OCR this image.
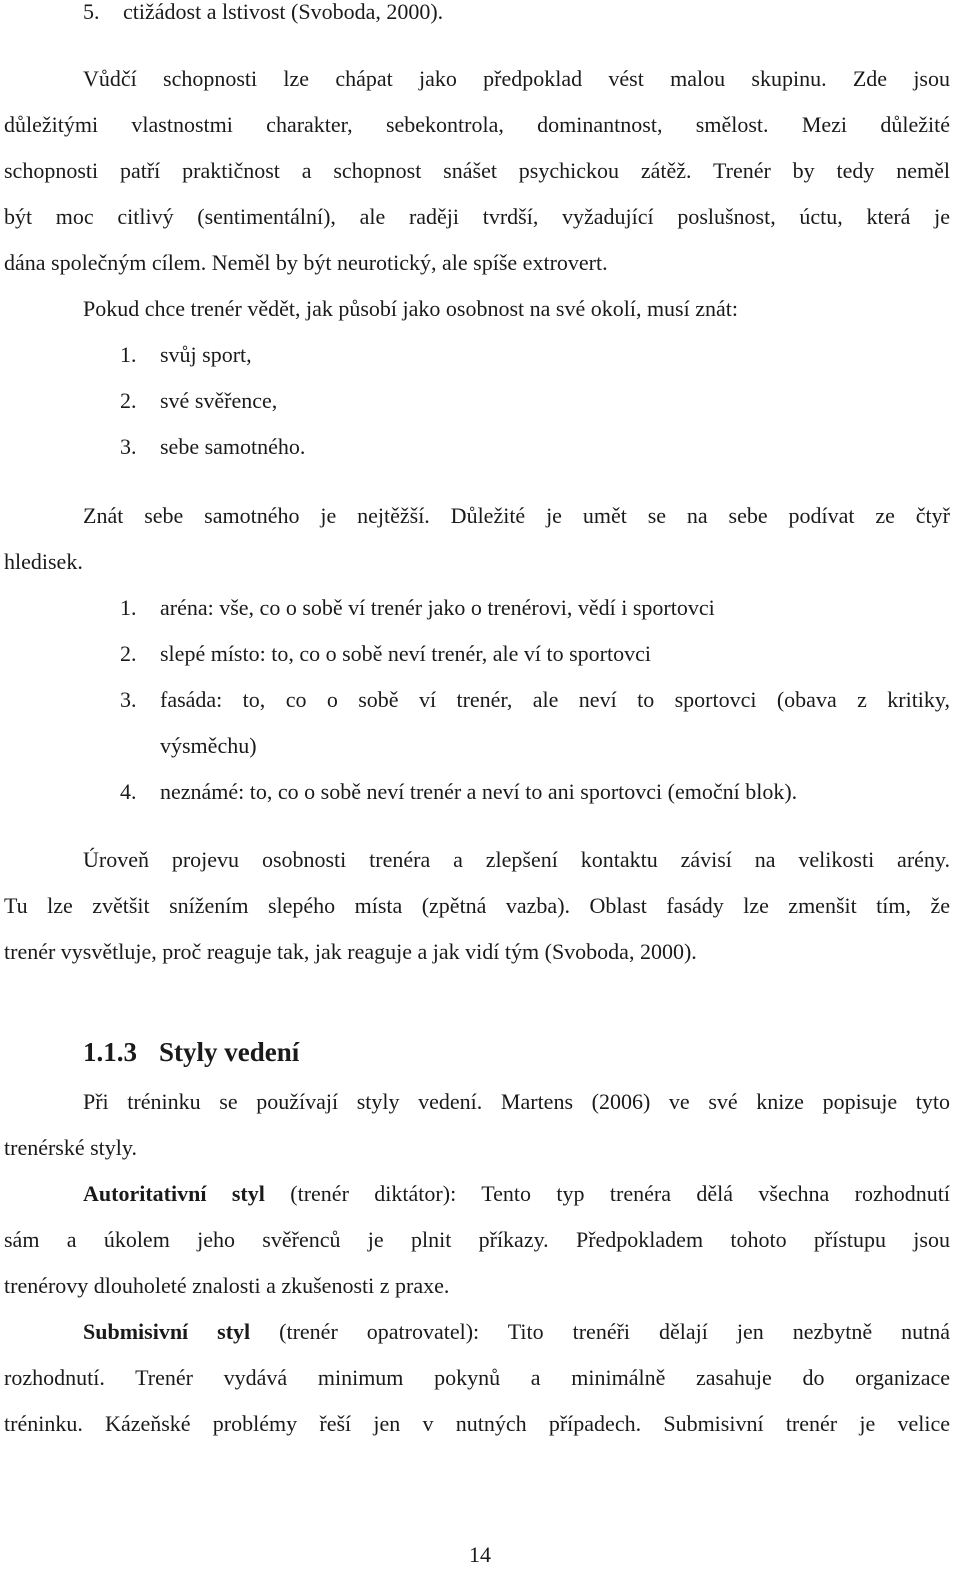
5. ctižádost a lstivost (Svoboda, 2000).
Vůdčí schopnosti lze chápat jako předpoklad vést malou skupinu. Zde jsou
důležitými vlastnostmi charakter, sebekontrola, dominantnost, smělost. Mezi důležité
schopnosti patří praktičnost a schopnost snášet psychickou zátěž. Trenér by tedy neměl
být moc citlivý (sentimentální), ale raději tvrdší, vyžadující poslušnost, úctu, která je
dána společným cílem. Neměl by být neurotický, ale spíše extrovert.
Pokud chce trenér vědět, jak působí jako osobnost na své okolí, musí znát:
1. svůj sport,
2. své svěřence,
3. sebe samotného.
Znát sebe samotného je nejtěžší. Důležité je umět se na sebe podívat ze čtyř
hledisek.
1. aréna: vše, co o sobě ví trenér jako o trenérovi, vědí i sportovci
2. slepé místo: to, co o sobě neví trenér, ale ví to sportovci
3. fasáda: to, co o sobě ví trenér, ale neví to sportovci (obava z kritiky,
výsměchu)
4. neznámé: to, co o sobě neví trenér a neví to ani sportovci (emoční blok).
Úroveň projevu osobnosti trenéra a zlepšení kontaktu závisí na velikosti arény.
Tu lze zvětšit snížením slepého místa (zpětná vazba). Oblast fasády lze zmenšit tím, že
trenér vysvětluje, proč reaguje tak, jak reaguje a jak vidí tým (Svoboda, 2000).
1.1.3 Styly vedení
Při tréninku se používají styly vedení. Martens (2006) ve své knize popisuje tyto
trenérské styly.
Autoritativní styl (trenér diktátor): Tento typ trenéra dělá všechna rozhodnutí
sám a úkolem jeho svěřenců je plnit příkazy. Předpokladem tohoto přístupu jsou
trenérovy dlouholeté znalosti a zkušenosti z praxe.
Submisivní styl (trenér opatrovatel): Tito trenéři dělají jen nezbytně nutná
rozhodnutí. Trenér vydává minimum pokynů a minimálně zasahuje do organizace
tréninku. Kázeňské problémy řeší jen v nutných případech. Submisivní trenér je velice
14
